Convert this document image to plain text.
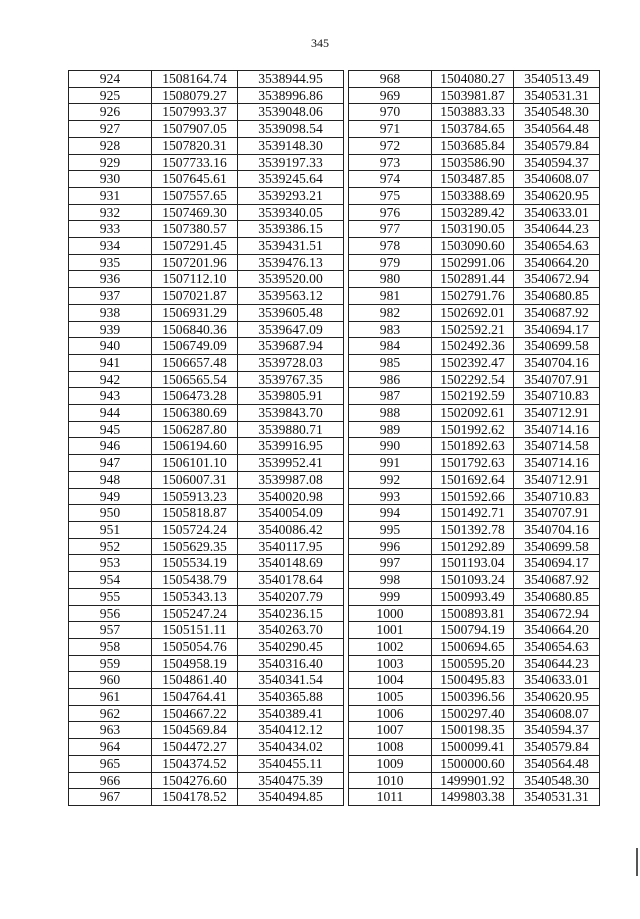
345
924	1508164.74	3538944.95
925	1508079.27	3538996.86
926	1507993.37	3539048.06
927	1507907.05	3539098.54
928	1507820.31	3539148.30
929	1507733.16	3539197.33
930	1507645.61	3539245.64
931	1507557.65	3539293.21
932	1507469.30	3539340.05
933	1507380.57	3539386.15
934	1507291.45	3539431.51
935	1507201.96	3539476.13
936	1507112.10	3539520.00
937	1507021.87	3539563.12
938	1506931.29	3539605.48
939	1506840.36	3539647.09
940	1506749.09	3539687.94
941	1506657.48	3539728.03
942	1506565.54	3539767.35
943	1506473.28	3539805.91
944	1506380.69	3539843.70
945	1506287.80	3539880.71
946	1506194.60	3539916.95
947	1506101.10	3539952.41
948	1506007.31	3539987.08
949	1505913.23	3540020.98
950	1505818.87	3540054.09
951	1505724.24	3540086.42
952	1505629.35	3540117.95
953	1505534.19	3540148.69
954	1505438.79	3540178.64
955	1505343.13	3540207.79
956	1505247.24	3540236.15
957	1505151.11	3540263.70
958	1505054.76	3540290.45
959	1504958.19	3540316.40
960	1504861.40	3540341.54
961	1504764.41	3540365.88
962	1504667.22	3540389.41
963	1504569.84	3540412.12
964	1504472.27	3540434.02
965	1504374.52	3540455.11
966	1504276.60	3540475.39
967	1504178.52	3540494.85
968	1504080.27	3540513.49
969	1503981.87	3540531.31
970	1503883.33	3540548.30
971	1503784.65	3540564.48
972	1503685.84	3540579.84
973	1503586.90	3540594.37
974	1503487.85	3540608.07
975	1503388.69	3540620.95
976	1503289.42	3540633.01
977	1503190.05	3540644.23
978	1503090.60	3540654.63
979	1502991.06	3540664.20
980	1502891.44	3540672.94
981	1502791.76	3540680.85
982	1502692.01	3540687.92
983	1502592.21	3540694.17
984	1502492.36	3540699.58
985	1502392.47	3540704.16
986	1502292.54	3540707.91
987	1502192.59	3540710.83
988	1502092.61	3540712.91
989	1501992.62	3540714.16
990	1501892.63	3540714.58
991	1501792.63	3540714.16
992	1501692.64	3540712.91
993	1501592.66	3540710.83
994	1501492.71	3540707.91
995	1501392.78	3540704.16
996	1501292.89	3540699.58
997	1501193.04	3540694.17
998	1501093.24	3540687.92
999	1500993.49	3540680.85
1000	1500893.81	3540672.94
1001	1500794.19	3540664.20
1002	1500694.65	3540654.63
1003	1500595.20	3540644.23
1004	1500495.83	3540633.01
1005	1500396.56	3540620.95
1006	1500297.40	3540608.07
1007	1500198.35	3540594.37
1008	1500099.41	3540579.84
1009	1500000.60	3540564.48
1010	1499901.92	3540548.30
1011	1499803.38	3540531.31
